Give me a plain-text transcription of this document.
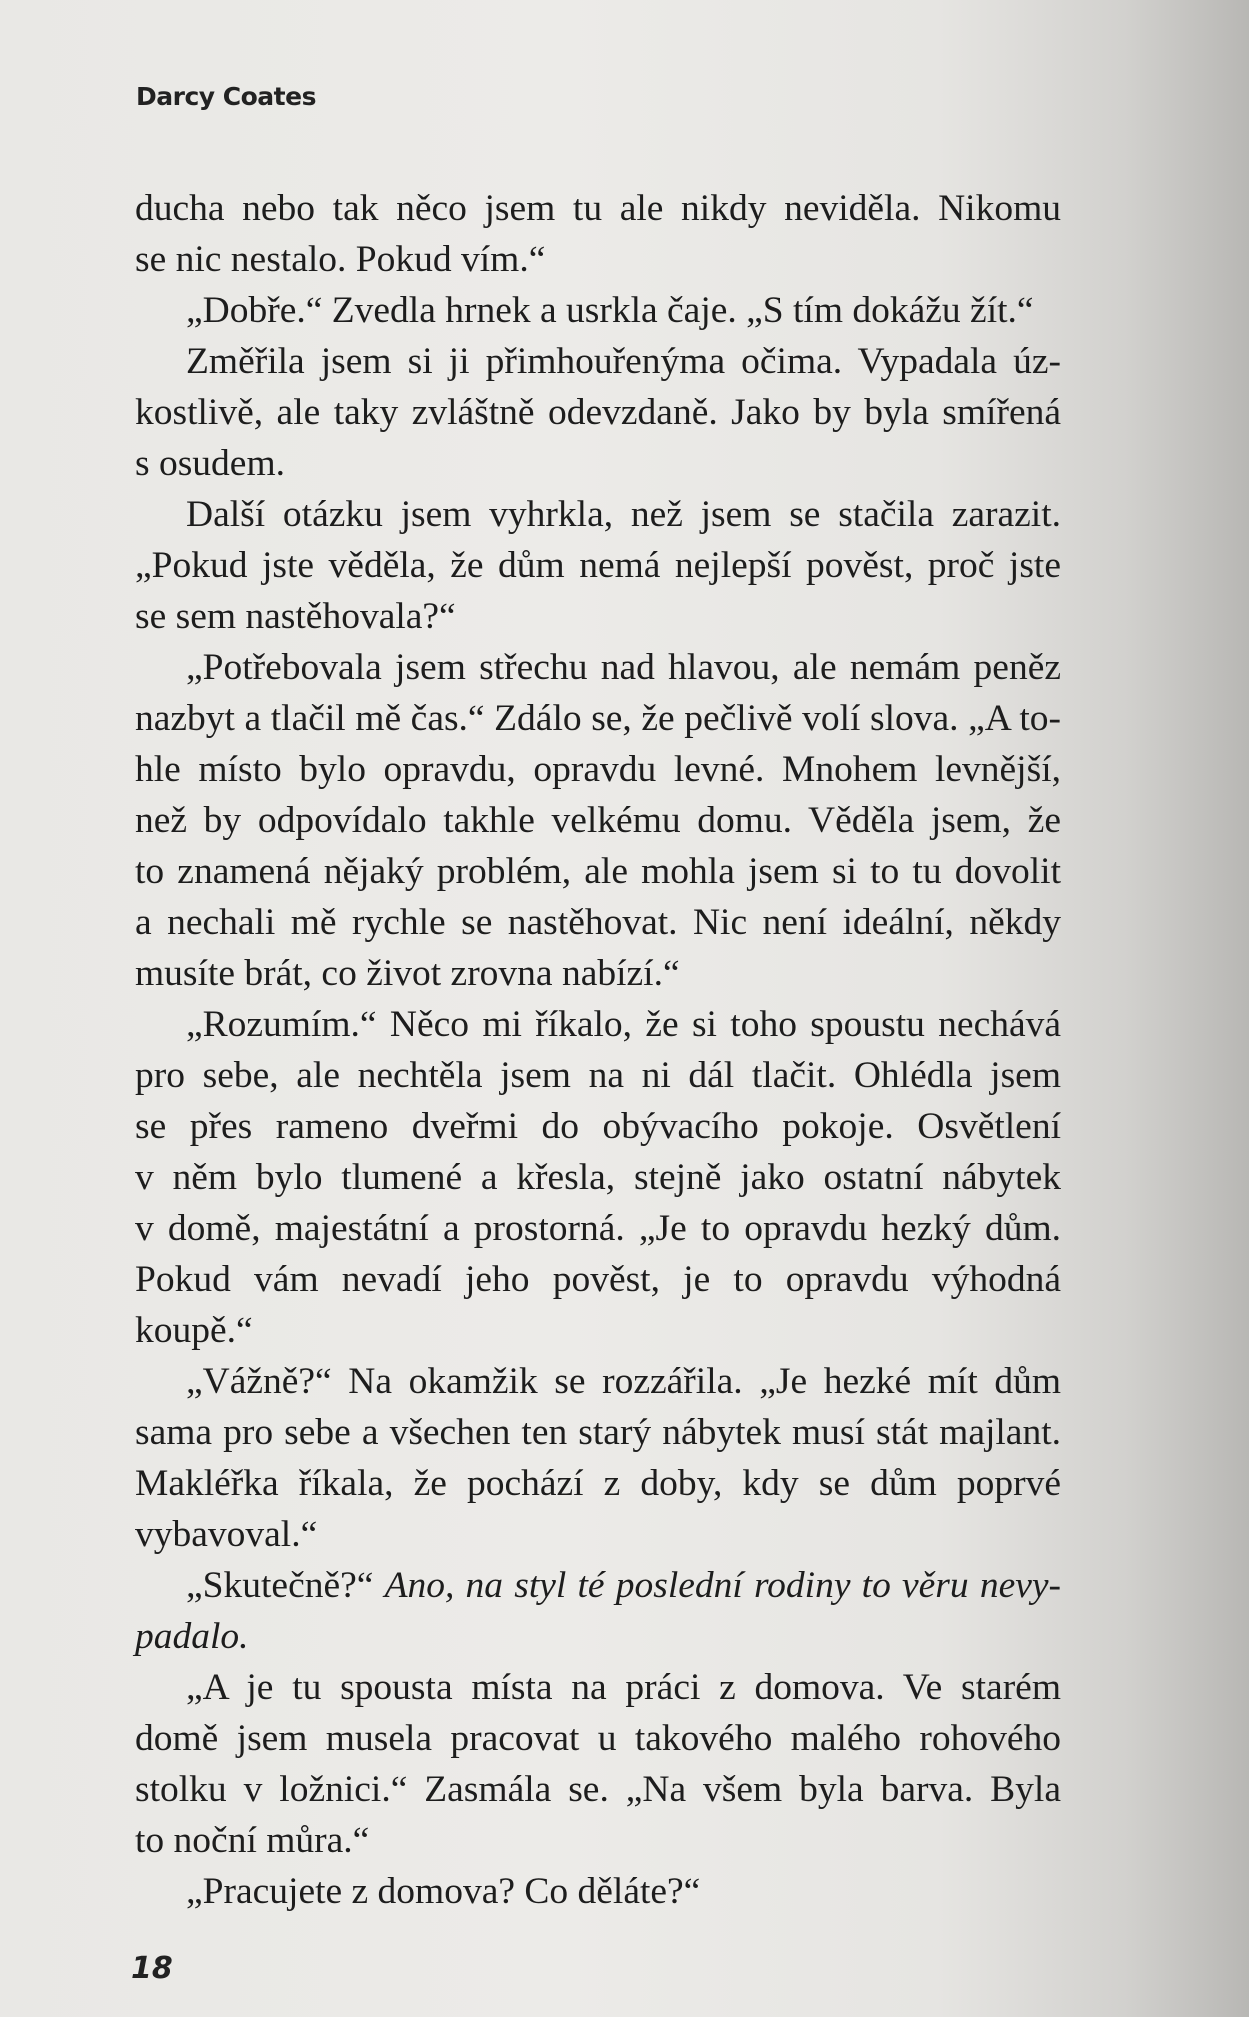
Darcy Coates
ducha nebo tak něco jsem tu ale nikdy neviděla. Nikomu
se nic nestalo. Pokud vím.“
„Dobře.“ Zvedla hrnek a usrkla čaje. „S tím dokážu žít.“
Změřila jsem si ji přimhouřenýma očima. Vypadala úz-
kostlivě, ale taky zvláštně odevzdaně. Jako by byla smířená
s osudem.
Další otázku jsem vyhrkla, než jsem se stačila zarazit.
„Pokud jste věděla, že dům nemá nejlepší pověst, proč jste
se sem nastěhovala?“
„Potřebovala jsem střechu nad hlavou, ale nemám peněz
nazbyt a tlačil mě čas.“ Zdálo se, že pečlivě volí slova. „A to-
hle místo bylo opravdu, opravdu levné. Mnohem levnější,
než by odpovídalo takhle velkému domu. Věděla jsem, že
to znamená nějaký problém, ale mohla jsem si to tu dovolit
a nechali mě rychle se nastěhovat. Nic není ideální, někdy
musíte brát, co život zrovna nabízí.“
„Rozumím.“ Něco mi říkalo, že si toho spoustu nechává
pro sebe, ale nechtěla jsem na ni dál tlačit. Ohlédla jsem
se přes rameno dveřmi do obývacího pokoje. Osvětlení
v něm bylo tlumené a křesla, stejně jako ostatní nábytek
v domě, majestátní a prostorná. „Je to opravdu hezký dům.
Pokud vám nevadí jeho pověst, je to opravdu výhodná
koupě.“
„Vážně?“ Na okamžik se rozzářila. „Je hezké mít dům
sama pro sebe a všechen ten starý nábytek musí stát majlant.
Makléřka říkala, že pochází z doby, kdy se dům poprvé
vybavoval.“
„Skutečně?“ Ano, na styl té poslední rodiny to věru nevy-
padalo.
„A je tu spousta místa na práci z domova. Ve starém
domě jsem musela pracovat u takového malého rohového
stolku v ložnici.“ Zasmála se. „Na všem byla barva. Byla
to noční můra.“
„Pracujete z domova? Co děláte?“
18
